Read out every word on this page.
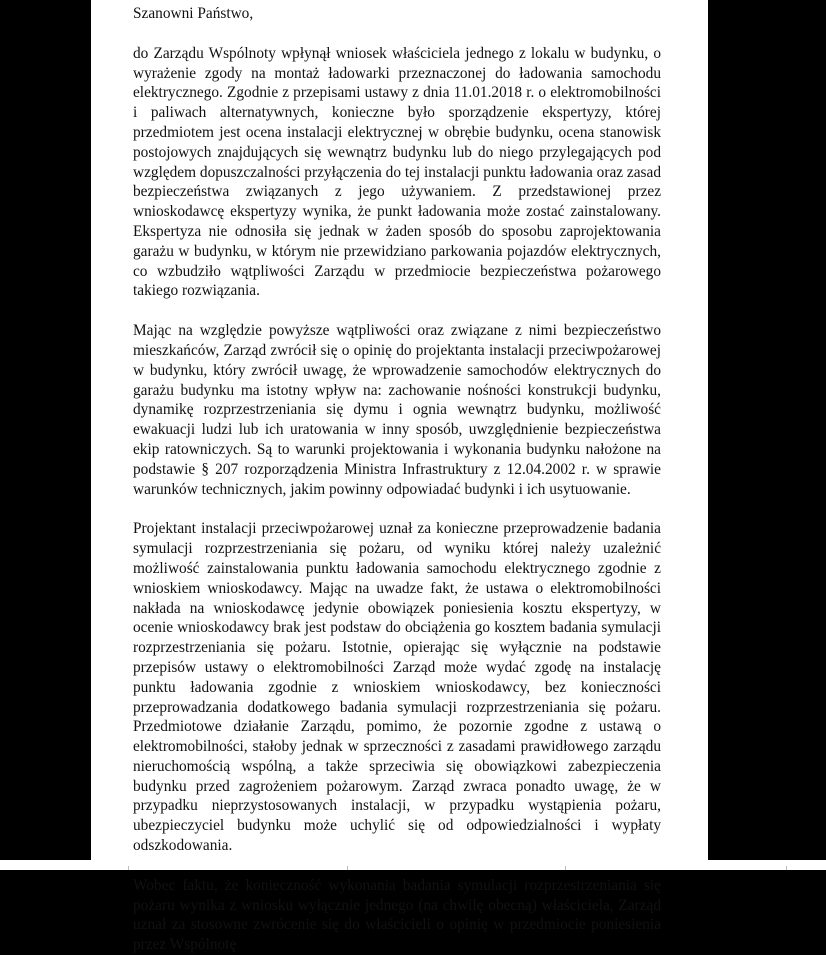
Szanowni Państwo,

do Zarządu Wspólnoty wpłynął wniosek właściciela jednego z lokalu w budynku, o wyrażenie zgody na montaż ładowarki przeznaczonej do ładowania samochodu elektrycznego. Zgodnie z przepisami ustawy z dnia 11.01.2018 r. o elektromobilności i paliwach alternatywnych, konieczne było sporządzenie ekspertyzy, której przedmiotem jest ocena instalacji elektrycznej w obrębie budynku, ocena stanowisk postojowych znajdujących się wewnątrz budynku lub do niego przylegających pod względem dopuszczalności przyłączenia do tej instalacji punktu ładowania oraz zasad bezpieczeństwa związanych z jego używaniem. Z przedstawionej przez wnioskodawcę ekspertyzy wynika, że punkt ładowania może zostać zainstalowany. Ekspertyza nie odnosiła się jednak w żaden sposób do sposobu zaprojektowania garażu w budynku, w którym nie przewidziano parkowania pojazdów elektrycznych, co wzbudziło wątpliwości Zarządu w przedmiocie bezpieczeństwa pożarowego takiego rozwiązania.

Mając na względzie powyższe wątpliwości oraz związane z nimi bezpieczeństwo mieszkańców, Zarząd zwrócił się o opinię do projektanta instalacji przeciwpożarowej w budynku, który zwrócił uwagę, że wprowadzenie samochodów elektrycznych do garażu budynku ma istotny wpływ na: zachowanie nośności konstrukcji budynku, dynamikę rozprzestrzeniania się dymu i ognia wewnątrz budynku, możliwość ewakuacji ludzi lub ich uratowania w inny sposób, uwzględnienie bezpieczeństwa ekip ratowniczych. Są to warunki projektowania i wykonania budynku nałożone na podstawie § 207 rozporządzenia Ministra Infrastruktury z 12.04.2002 r. w sprawie warunków technicznych, jakim powinny odpowiadać budynki i ich usytuowanie.

Projektant instalacji przeciwpożarowej uznał za konieczne przeprowadzenie badania symulacji rozprzestrzeniania się pożaru, od wyniku której należy uzależnić możliwość zainstalowania punktu ładowania samochodu elektrycznego zgodnie z wnioskiem wnioskodawcy. Mając na uwadze fakt, że ustawa o elektromobilności nakłada na wnioskodawcę jedynie obowiązek poniesienia kosztu ekspertyzy, w ocenie wnioskodawcy brak jest podstaw do obciążenia go kosztem badania symulacji rozprzestrzeniania się pożaru. Istotnie, opierając się wyłącznie na podstawie przepisów ustawy o elektromobilności Zarząd może wydać zgodę na instalację punktu ładowania zgodnie z wnioskiem wnioskodawcy, bez konieczności przeprowadzania dodatkowego badania symulacji rozprzestrzeniania się pożaru. Przedmiotowe działanie Zarządu, pomimo, że pozornie zgodne z ustawą o elektromobilności, stałoby jednak w sprzeczności z zasadami prawidłowego zarządu nieruchomością wspólną, a także sprzeciwia się obowiązkowi zabezpieczenia budynku przed zagrożeniem pożarowym. Zarząd zwraca ponadto uwagę, że w przypadku nieprzystosowanych instalacji, w przypadku wystąpienia pożaru, ubezpieczyciel budynku może uchylić się od odpowiedzialności i wypłaty odszkodowania.

Wobec faktu, że konieczność wykonania badania symulacji rozprzestrzeniania się pożaru wynika z wniosku wyłącznie jednego (na chwilę obecną) właściciela, Zarząd uznał za stosowne zwrócenie się do właścicieli o opinię w przedmiocie poniesienia przez Wspólnotę
